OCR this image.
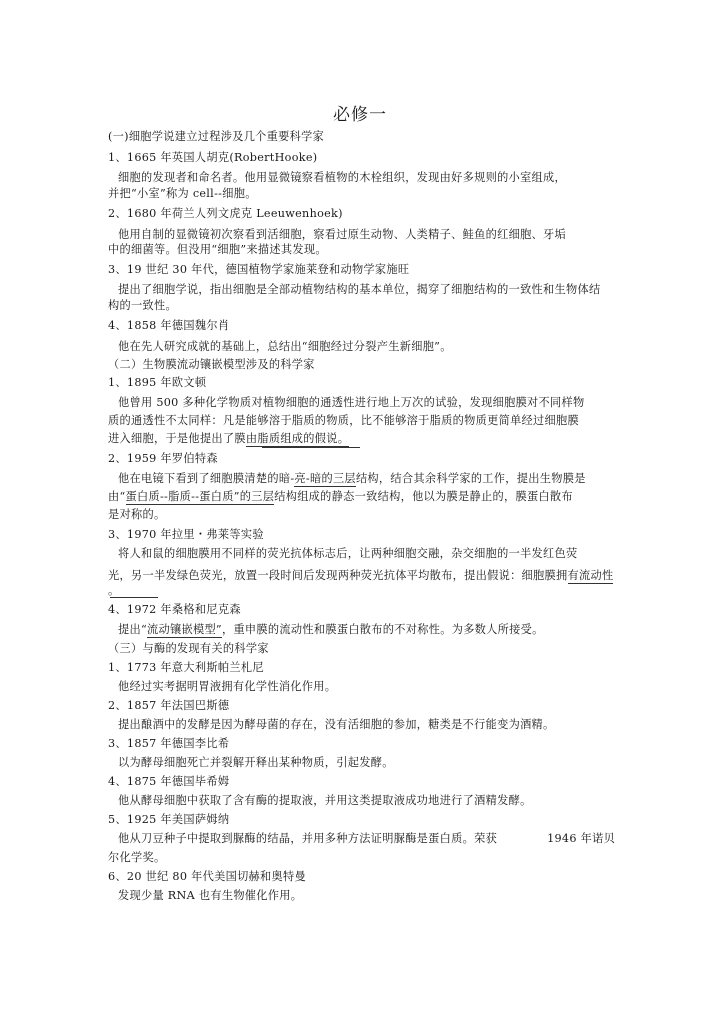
必修一
(一)细胞学说建立过程涉及几个重要科学家
1、1665 年英国人胡克(RobertHooke)
细胞的发现者和命名者。他用显微镜察看植物的木栓组织，发现由好多规则的小室组成，
并把“小室”称为 cell--细胞。
2、1680 年荷兰人列文虎克 Leeuwenhoek)
他用自制的显微镜初次察看到活细胞，察看过原生动物、人类精子、鲑鱼的红细胞、牙垢
中的细菌等。但没用“细胞”来描述其发现。
3、19 世纪 30 年代，德国植物学家施莱登和动物学家施旺
提出了细胞学说，指出细胞是全部动植物结构的基本单位，揭穿了细胞结构的一致性和生物体结
构的一致性。
4、1858 年德国魏尔肖
他在先人研究成就的基础上，总结出“细胞经过分裂产生新细胞”。
（二）生物膜流动镶嵌模型涉及的科学家
1、1895 年欧文顿
他曾用 500 多种化学物质对植物细胞的通透性进行地上万次的试验，发现细胞膜对不同样物
质的通透性不太同样：凡是能够溶于脂质的物质，比不能够溶于脂质的物质更简单经过细胞膜
进入细胞，于是他提出了膜由脂质组成的假说。
2、1959 年罗伯特森
他在电镜下看到了细胞膜清楚的暗-亮-暗的三层结构，结合其余科学家的工作，提出生物膜是
由“蛋白质--脂质--蛋白质”的三层结构组成的静态一致结构，他以为膜是静止的，膜蛋白散布
是对称的。
3、1970 年拉里・弗莱等实验
将人和鼠的细胞膜用不同样的荧光抗体标志后，让两种细胞交融，杂交细胞的一半发红色荧
光，另一半发绿色荧光，放置一段时间后发现两种荧光抗体平均散布，提出假说：细胞膜拥有流动性
。
4、1972 年桑格和尼克森
提出“流动镶嵌模型”，重申膜的流动性和膜蛋白散布的不对称性。为多数人所接受。
（三）与酶的发现有关的科学家
1、1773 年意大利斯帕兰札尼
他经过实考据明胃液拥有化学性消化作用。
2、1857 年法国巴斯德
提出酿酒中的发酵是因为酵母菌的存在，没有活细胞的参加，糖类是不行能变为酒精。
3、1857 年德国李比希
以为酵母细胞死亡并裂解开释出某种物质，引起发酵。
4、1875 年德国毕希姆
他从酵母细胞中获取了含有酶的提取液，并用这类提取液成功地进行了酒精发酵。
5、1925 年美国萨姆纳
他从刀豆种子中提取到脲酶的结晶，并用多种方法证明脲酶是蛋白质。荣获	1946 年诺贝
尔化学奖。
6、20 世纪 80 年代美国切赫和奥特曼
发现少量 RNA 也有生物催化作用。
